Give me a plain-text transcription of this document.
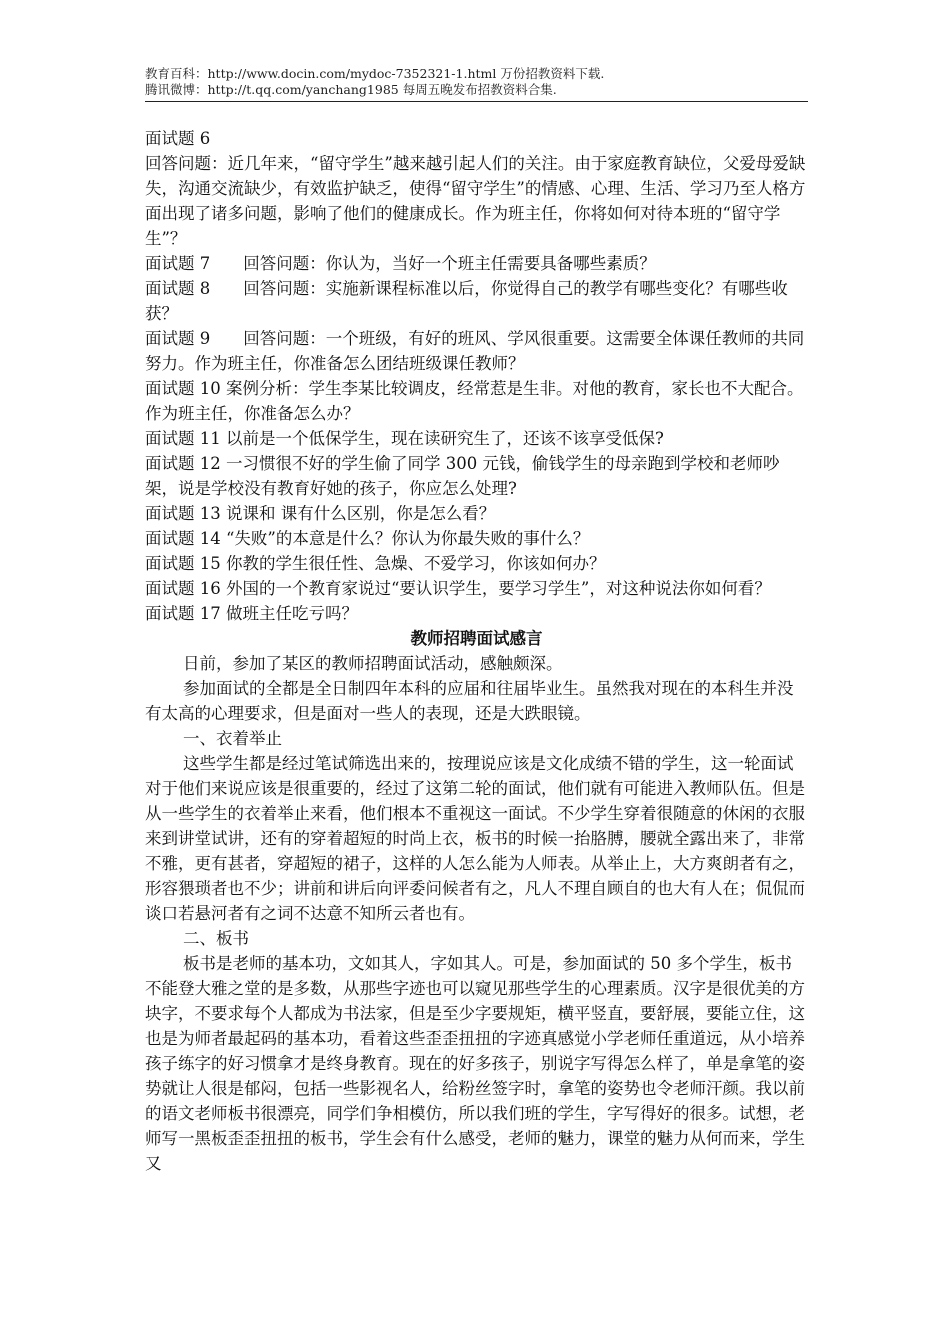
教育百科：http://www.docin.com/mydoc-7352321-1.html 万份招教资料下载.
腾讯微博：http://t.qq.com/yanchang1985 每周五晚发布招教资料合集.

面试题 6

回答问题：近几年来，“留守学生”越来越引起人们的关注。由于家庭教育缺位，父爱母爱缺失，沟通交流缺少，有效监护缺乏，使得“留守学生”的情感、心理、生活、学习乃至人格方面出现了诸多问题，影响了他们的健康成长。作为班主任，你将如何对待本班的“留守学生”？

面试题 7　　回答问题：你认为，当好一个班主任需要具备哪些素质？

面试题 8　　回答问题：实施新课程标准以后，你觉得自己的教学有哪些变化？有哪些收获？

面试题 9　　回答问题：一个班级，有好的班风、学风很重要。这需要全体课任教师的共同努力。作为班主任，你准备怎么团结班级课任教师？

面试题 10 案例分析：学生李某比较调皮，经常惹是生非。对他的教育，家长也不大配合。作为班主任，你准备怎么办？

面试题 11 以前是一个低保学生，现在读研究生了，还该不该享受低保?

面试题 12 一习惯很不好的学生偷了同学 300 元钱，偷钱学生的母亲跑到学校和老师吵架，说是学校没有教育好她的孩子，你应怎么处理?

面试题 13 说课和 课有什么区别，你是怎么看？

面试题 14 “失败”的本意是什么？你认为你最失败的事什么？

面试题 15 你教的学生很任性、急燥、不爱学习，你该如何办？

面试题 16 外国的一个教育家说过“要认识学生，要学习学生”，对这种说法你如何看？

面试题 17 做班主任吃亏吗？

教师招聘面试感言

日前，参加了某区的教师招聘面试活动，感触颇深。

参加面试的全都是全日制四年本科的应届和往届毕业生。虽然我对现在的本科生并没有太高的心理要求，但是面对一些人的表现，还是大跌眼镜。

一、衣着举止

这些学生都是经过笔试筛选出来的，按理说应该是文化成绩不错的学生，这一轮面试对于他们来说应该是很重要的，经过了这第二轮的面试，他们就有可能进入教师队伍。但是从一些学生的衣着举止来看，他们根本不重视这一面试。不少学生穿着很随意的休闲的衣服来到讲堂试讲，还有的穿着超短的时尚上衣，板书的时候一抬胳膊，腰就全露出来了，非常不雅，更有甚者，穿超短的裙子，这样的人怎么能为人师表。从举止上，大方爽朗者有之，形容猥琐者也不少；讲前和讲后向评委问候者有之，凡人不理自顾自的也大有人在；侃侃而谈口若悬河者有之词不达意不知所云者也有。

二、板书

板书是老师的基本功，文如其人，字如其人。可是，参加面试的 50 多个学生，板书不能登大雅之堂的是多数，从那些字迹也可以窥见那些学生的心理素质。汉字是很优美的方块字，不要求每个人都成为书法家，但是至少字要规矩，横平竖直，要舒展，要能立住，这也是为师者最起码的基本功，看着这些歪歪扭扭的字迹真感觉小学老师任重道远，从小培养孩子练字的好习惯拿才是终身教育。现在的好多孩子，别说字写得怎么样了，单是拿笔的姿势就让人很是郁闷，包括一些影视名人，给粉丝签字时，拿笔的姿势也令老师汗颜。我以前的语文老师板书很漂亮，同学们争相模仿，所以我们班的学生，字写得好的很多。试想，老师写一黑板歪歪扭扭的板书，学生会有什么感受，老师的魅力，课堂的魅力从何而来，学生又
